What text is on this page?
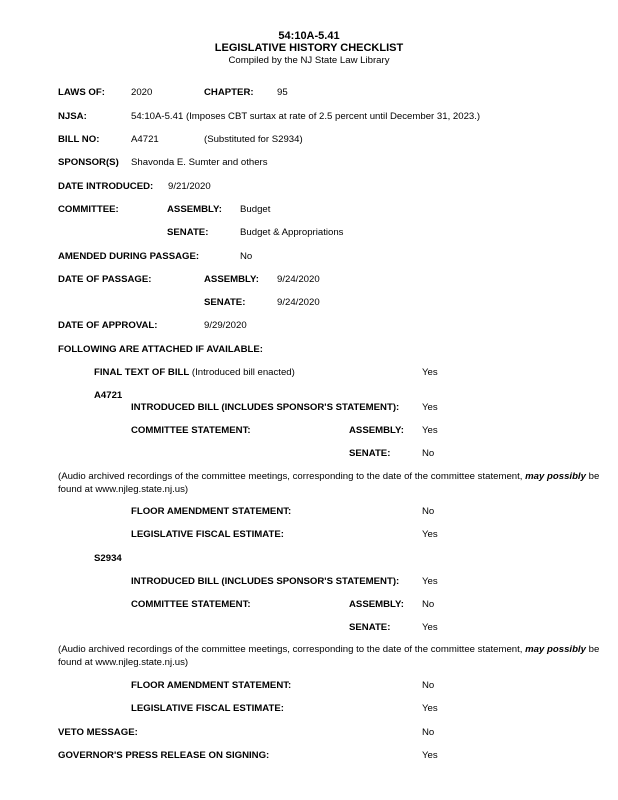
54:10A-5.41
LEGISLATIVE HISTORY CHECKLIST
Compiled by the NJ State Law Library
LAWS OF:	2020	CHAPTER: 95
NJSA:	54:10A-5.41 (Imposes CBT surtax at rate of 2.5 percent until December 31, 2023.)
BILL NO:	A4721	(Substituted for S2934)
SPONSOR(S) Shavonda E. Sumter and others
DATE INTRODUCED: 9/21/2020
COMMITTEE:	ASSEMBLY: Budget
SENATE:	Budget & Appropriations
AMENDED DURING PASSAGE:	No
DATE OF PASSAGE:	ASSEMBLY: 9/24/2020
SENATE:	9/24/2020
DATE OF APPROVAL:	9/29/2020
FOLLOWING ARE ATTACHED IF AVAILABLE:
FINAL TEXT OF BILL (Introduced bill enacted)	Yes
A4721
INTRODUCED BILL (INCLUDES SPONSOR'S STATEMENT): Yes
COMMITTEE STATEMENT:	ASSEMBLY: Yes
SENATE:	No
(Audio archived recordings of the committee meetings, corresponding to the date of the committee statement, may possibly be found at www.njleg.state.nj.us)
FLOOR AMENDMENT STATEMENT:	No
LEGISLATIVE FISCAL ESTIMATE:	Yes
S2934
INTRODUCED BILL (INCLUDES SPONSOR'S STATEMENT): Yes
COMMITTEE STATEMENT:	ASSEMBLY: No
SENATE:	Yes
(Audio archived recordings of the committee meetings, corresponding to the date of the committee statement, may possibly be found at www.njleg.state.nj.us)
FLOOR AMENDMENT STATEMENT:	No
LEGISLATIVE FISCAL ESTIMATE:	Yes
VETO MESSAGE:	No
GOVERNOR'S PRESS RELEASE ON SIGNING:	Yes
